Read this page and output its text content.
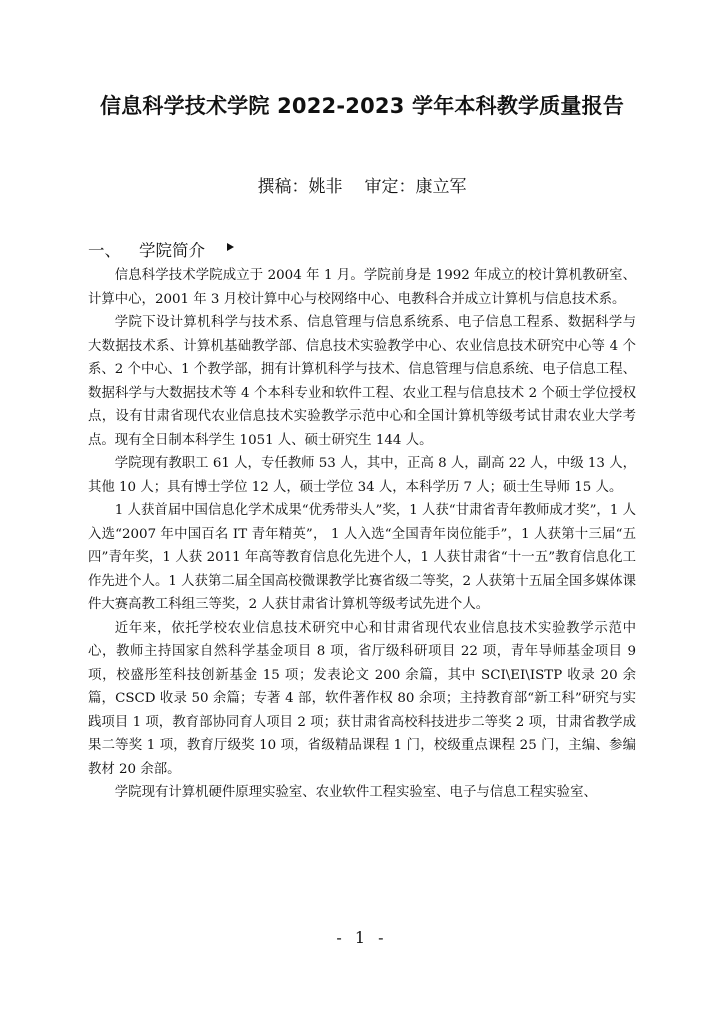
信息科学技术学院 2022-2023 学年本科教学质量报告
撰稿：姚非 审定：康立军
一、 学院简介

信息科学技术学院成立于 2004 年 1 月。学院前身是 1992 年成立的校计算机教研室、计算中心，2001 年 3 月校计算中心与校网络中心、电教科合并成立计算机与信息技术系。

学院下设计算机科学与技术系、信息管理与信息系统系、电子信息工程系、数据科学与大数据技术系、计算机基础教学部、信息技术实验教学中心、农业信息技术研究中心等 4 个系、2 个中心、1 个教学部，拥有计算机科学与技术、信息管理与信息系统、电子信息工程、数据科学与大数据技术等 4 个本科专业和软件工程、农业工程与信息技术 2 个硕士学位授权点，设有甘肃省现代农业信息技术实验教学示范中心和全国计算机等级考试甘肃农业大学考点。现有全日制本科学生 1051 人、硕士研究生 144 人。

学院现有教职工 61 人，专任教师 53 人，其中，正高 8 人，副高 22 人，中级 13 人，其他 10 人；具有博士学位 12 人，硕士学位 34 人，本科学历 7 人；硕士生导师 15 人。

1 人获首届中国信息化学术成果“优秀带头人”奖，1 人获“甘肃省青年教师成才奖”，1 人入选“2007 年中国百名 IT 青年精英”， 1 人入选“全国青年岗位能手”，1 人获第十三届“五四”青年奖，1 人获 2011 年高等教育信息化先进个人，1 人获甘肃省“十一五”教育信息化工作先进个人。1 人获第二届全国高校微课教学比赛省级二等奖，2 人获第十五届全国多媒体课件大赛高教工科组三等奖，2 人获甘肃省计算机等级考试先进个人。

近年来，依托学校农业信息技术研究中心和甘肃省现代农业信息技术实验教学示范中心，教师主持国家自然科学基金项目 8 项，省厅级科研项目 22 项，青年导师基金项目 9 项，校盛彤笙科技创新基金 15 项；发表论文 200 余篇，其中 SCI\EI\ISTP 收录 20 余篇，CSCD 收录 50 余篇；专著 4 部，软件著作权 80 余项；主持教育部“新工科”研究与实践项目 1 项，教育部协同育人项目 2 项；获甘肃省高校科技进步二等奖 2 项，甘肃省教学成果二等奖 1 项，教育厅级奖 10 项，省级精品课程 1 门，校级重点课程 25 门，主编、参编教材 20 余部。

学院现有计算机硬件原理实验室、农业软件工程实验室、电子与信息工程实验室、

- 1 -
